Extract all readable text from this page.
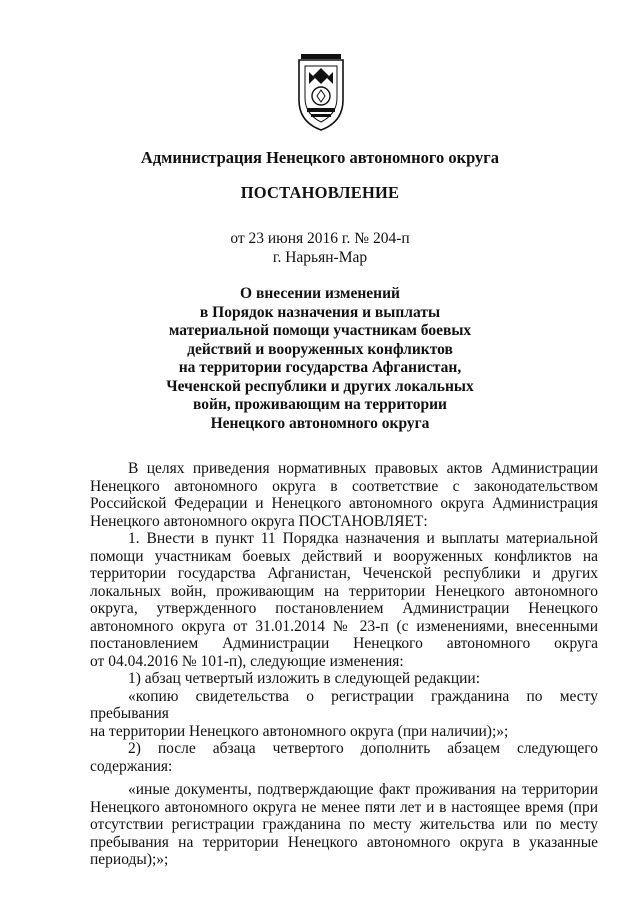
Администрация Ненецкого автономного округа
ПОСТАНОВЛЕНИЕ
от 23 июня 2016 г. № 204-п
г. Нарьян-Мар
О внесении изменений
в Порядок назначения и выплаты
материальной помощи участникам боевых
действий и вооруженных конфликтов
на территории государства Афганистан,
Чеченской республики и других локальных
войн, проживающим на территории
Ненецкого автономного округа

В целях приведения нормативных правовых актов Администрации

Ненецкого автономного округа в соответствие с законодательством

Российской Федерации и Ненецкого автономного округа Администрация

Ненецкого автономного округа ПОСТАНОВЛЯЕТ:

1. Внести в пункт 11 Порядка назначения и выплаты материальной

помощи участникам боевых действий и вооруженных конфликтов на

территории государства Афганистан, Чеченской республики и других

локальных войн, проживающим на территории Ненецкого автономного

округа, утвержденного постановлением Администрации Ненецкого

автономного округа от 31.01.2014 № 23-п (с изменениями, внесенными

постановлением Администрации Ненецкого автономного округа

от 04.04.2016 № 101-п), следующие изменения:

1) абзац четвертый изложить в следующей редакции:

«копию свидетельства о регистрации гражданина по месту пребывания

на территории Ненецкого автономного округа (при наличии);»;

2) после абзаца четвертого дополнить абзацем следующего

содержания:

«иные документы, подтверждающие факт проживания на территории

Ненецкого автономного округа не менее пяти лет и в настоящее время (при

отсутствии регистрации гражданина по месту жительства или по месту

пребывания на территории Ненецкого автономного округа в указанные

периоды);»;
